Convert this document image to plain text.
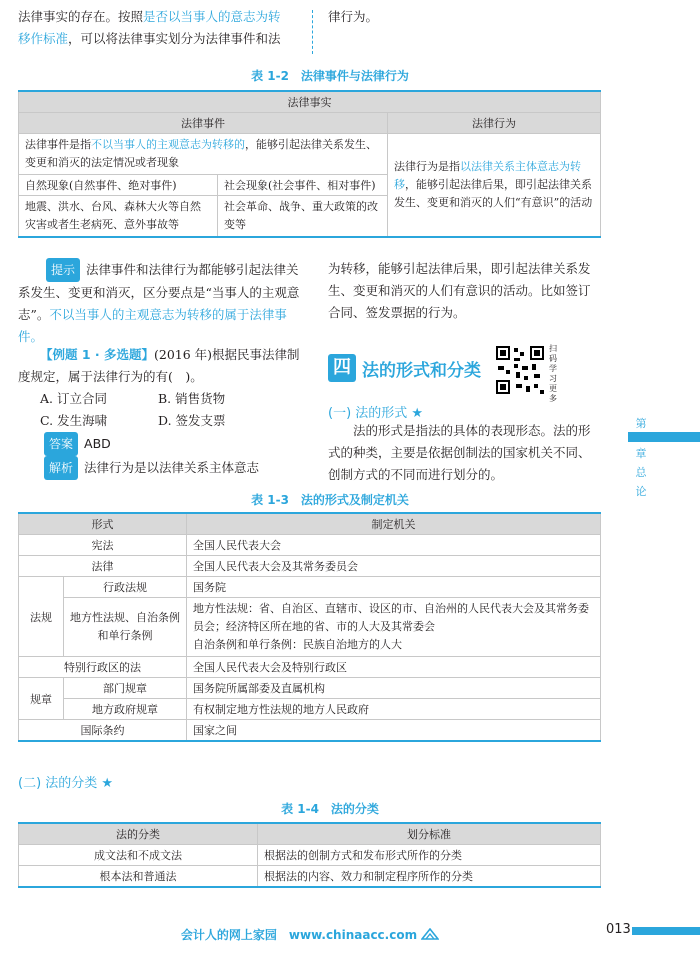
法律事实的存在。按照是否以当事人的意志为转
移作标准，可以将法律事实划分为法律事件和法
律行为。
表 1-2　法律事件与法律行为
法律事实		
法律事件		法律行为
法律事件是指不以当事人的主观意志为转移的，能够引起法律关系发生、变更和消灭的法定情况或者现象		法律行为是指以法律关系主体意志为转移，能够引起法律后果，即引起法律关系发生、变更和消灭的人们“有意识”的活动
自然现象(自然事件、绝对事件)	社会现象(社会事件、相对事件)	
地震、洪水、台风、森林大火等自然灾害或者生老病死、意外事故等	社会革命、战争、重大政策的改变等	
提示 法律事件和法律行为都能够引起法律关系发生、变更和消灭，区分要点是“当事人的主观意志”。不以当事人的主观意志为转移的属于法律事件。
【例题 1 · 多选题】(2016 年)根据民事法律制度规定，属于法律行为的有(　)。
A. 订立合同	B. 销售货物
C. 发生海啸	D. 签发支票
答案 ABD
解析 法律行为是以法律关系主体意志
为转移，能够引起法律后果，即引起法律关系发生、变更和消灭的人们有意识的活动。比如签订合同、签发票据的行为。
四 法的形式和分类
扫码学习更多
(一) 法的形式 ★
法的形式是指法的具体的表现形态。法的形式的种类，主要是依据创制法的国家机关不同、创制方式的不同而进行划分的。
第
1
章
总
论
表 1-3　法的形式及制定机关
形式		制定机关
宪法		全国人民代表大会
法律		全国人民代表大会及其常务委员会
法规	行政法规	国务院
	地方性法规、自治条例和单行条例	地方性法规：省、自治区、直辖市、设区的市、自治州的人民代表大会及其常务委员会；经济特区所在地的省、市的人大及其常委会
自治条例和单行条例：民族自治地方的人大

特别行政区的法		全国人民代表大会及特别行政区
规章	部门规章	国务院所属部委及直属机构
	地方政府规章	有权制定地方性法规的地方人民政府
国际条约		国家之间
(二) 法的分类 ★
表 1-4　法的分类
法的分类	划分标准
成文法和不成文法	根据法的创制方式和发布形式所作的分类
根本法和普通法	根据法的内容、效力和制定程序所作的分类
会计人的网上家园　www.chinaacc.com	013
